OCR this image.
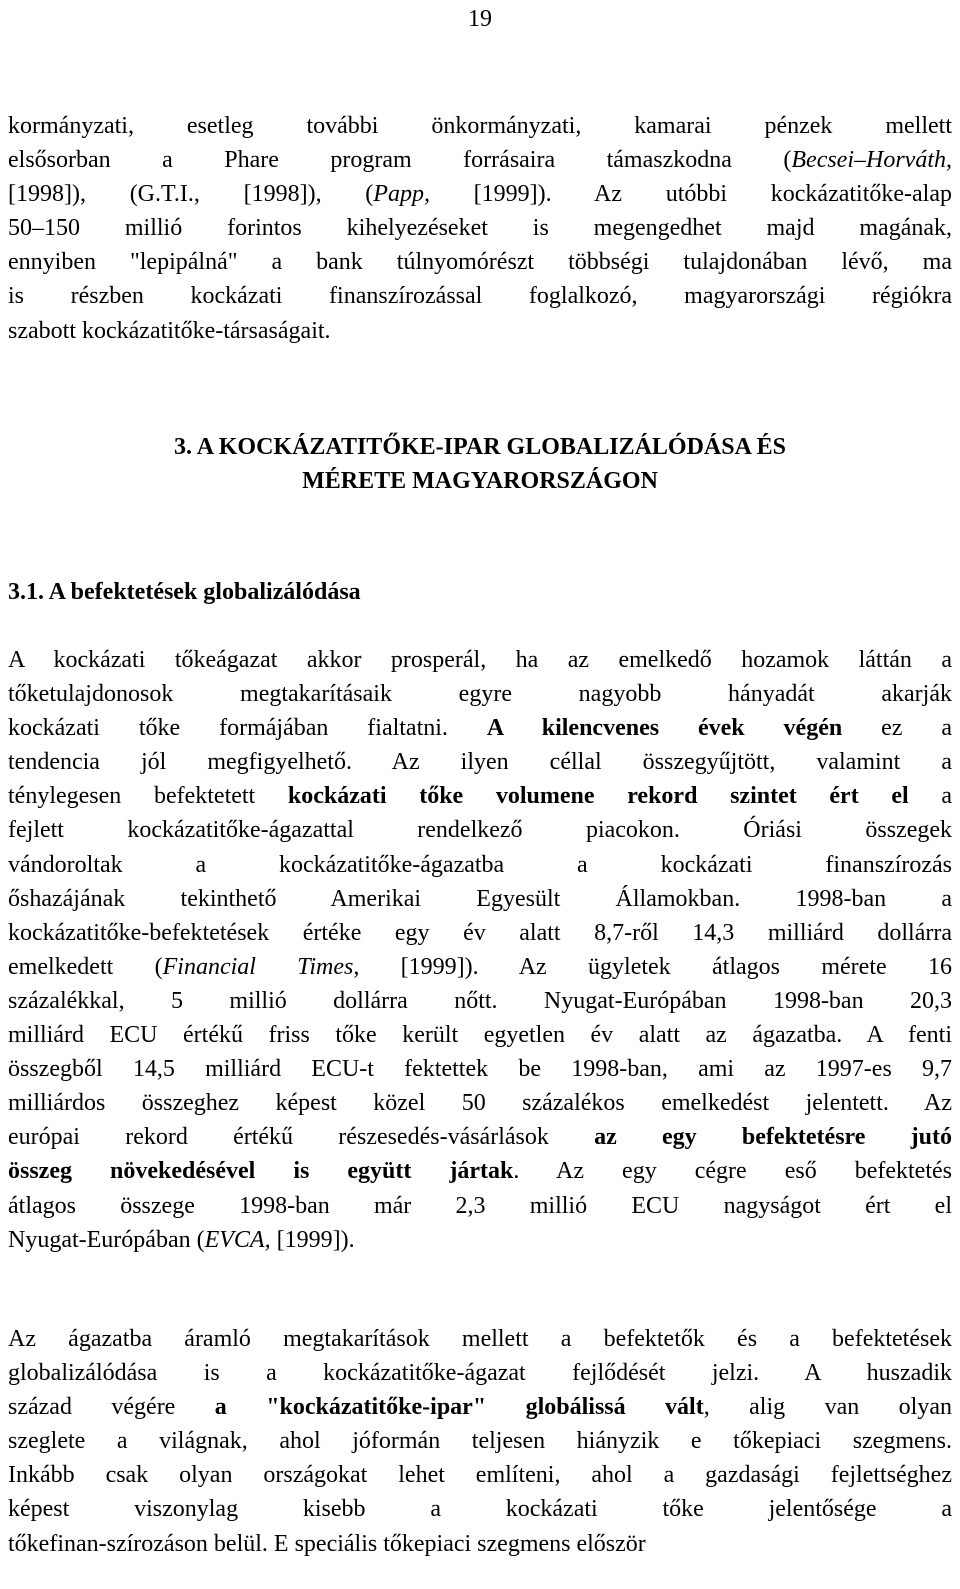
19
kormányzati, esetleg további önkormányzati, kamarai pénzek mellett
elsősorban a Phare program forrásaira támaszkodna (Becsei–Horváth,
[1998]), (G.T.I., [1998]), (Papp, [1999]). Az utóbbi kockázatitőke-alap
50–150 millió forintos kihelyezéseket is megengedhet majd magának,
ennyiben "lepipálná" a bank túlnyomórészt többségi tulajdonában lévő, ma
is részben kockázati finanszírozással foglalkozó, magyarországi régiókra
szabott kockázatitőke-társaságait.
3. A KOCKÁZATITŐKE-IPAR GLOBALIZÁLÓDÁSA ÉS
MÉRETE MAGYARORSZÁGON
3.1. A befektetések globalizálódása
A kockázati tőkeágazat akkor prosperál, ha az emelkedő hozamok láttán a
tőketulajdonosok megtakarításaik egyre nagyobb hányadát akarják
kockázati tőke formájában fialtatni. A kilencvenes évek végén ez a
tendencia jól megfigyelhető. Az ilyen céllal összegyűjtött, valamint a
ténylegesen befektetett kockázati tőke volumene rekord szintet ért el a
fejlett kockázatitőke-ágazattal rendelkező piacokon. Óriási összegek
vándoroltak a kockázatitőke-ágazatba a kockázati finanszírozás
őshazájának tekinthető Amerikai Egyesült Államokban. 1998-ban a
kockázatitőke-befektetések értéke egy év alatt 8,7-ről 14,3 milliárd dollárra
emelkedett (Financial Times, [1999]). Az ügyletek átlagos mérete 16
százalékkal, 5 millió dollárra nőtt. Nyugat-Európában 1998-ban 20,3
milliárd ECU értékű friss tőke került egyetlen év alatt az ágazatba. A fenti
összegből 14,5 milliárd ECU-t fektettek be 1998-ban, ami az 1997-es 9,7
milliárdos összeghez képest közel 50 százalékos emelkedést jelentett. Az
európai rekord értékű részesedés-vásárlások az egy befektetésre jutó
összeg növekedésével is együtt jártak. Az egy cégre eső befektetés
átlagos összege 1998-ban már 2,3 millió ECU nagyságot ért el
Nyugat-Európában (EVCA, [1999]).
Az ágazatba áramló megtakarítások mellett a befektetők és a befektetések
globalizálódása is a kockázatitőke-ágazat fejlődését jelzi. A huszadik
század végére a "kockázatitőke-ipar" globálissá vált, alig van olyan
szeglete a világnak, ahol jóformán teljesen hiányzik e tőkepiaci szegmens.
Inkább csak olyan országokat lehet említeni, ahol a gazdasági fejlettséghez
képest viszonylag kisebb a kockázati tőke jelentősége a
tőkefinan-szírozáson belül. E speciális tőkepiaci szegmens először
